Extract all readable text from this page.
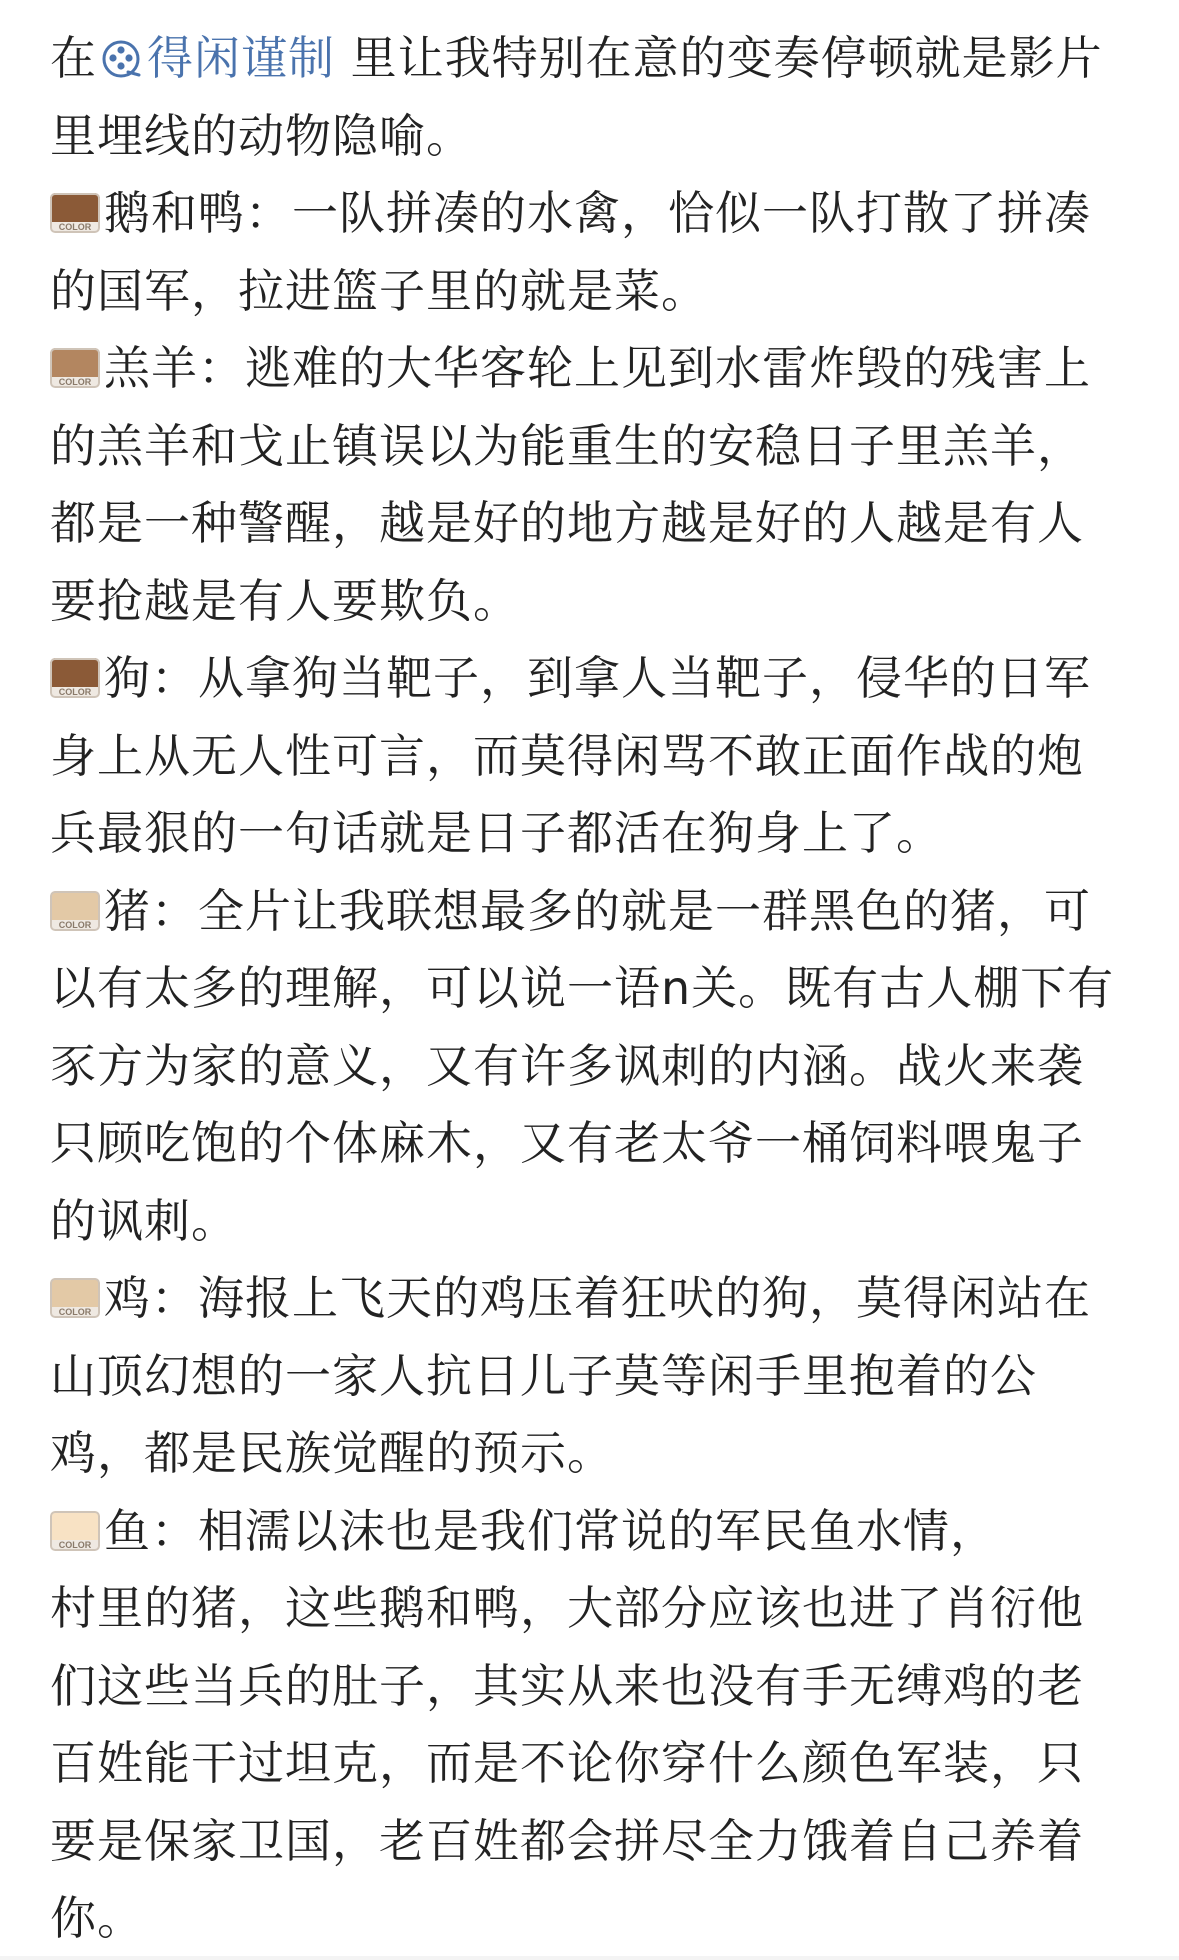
在 得闲谨制 里让我特别在意的变奏停顿就是影片里埋线的动物隐喻。

COLOR 鹅和鸭：一队拼凑的水禽，恰似一队打散了拼凑的国军，拉进篮子里的就是菜。

COLOR 羔羊：逃难的大华客轮上见到水雷炸毁的残害上的羔羊和戈止镇误以为能重生的安稳日子里羔羊，都是一种警醒，越是好的地方越是好的人越是有人要抢越是有人要欺负。

COLOR 狗：从拿狗当靶子，到拿人当靶子，侵华的日军身上从无人性可言，而莫得闲骂不敢正面作战的炮兵最狠的一句话就是日子都活在狗身上了。

COLOR 猪：全片让我联想最多的就是一群黑色的猪，可以有太多的理解，可以说一语n关。既有古人棚下有豕方为家的意义，又有许多讽刺的内涵。战火来袭只顾吃饱的个体麻木，又有老太爷一桶饲料喂鬼子的讽刺。

COLOR 鸡：海报上飞天的鸡压着狂吠的狗，莫得闲站在山顶幻想的一家人抗日儿子莫等闲手里抱着的公鸡，都是民族觉醒的预示。

COLOR 鱼：相濡以沫也是我们常说的军民鱼水情，

村里的猪，这些鹅和鸭，大部分应该也进了肖衍他们这些当兵的肚子，其实从来也没有手无缚鸡的老百姓能干过坦克，而是不论你穿什么颜色军装，只要是保家卫国，老百姓都会拼尽全力饿着自己养着你。
